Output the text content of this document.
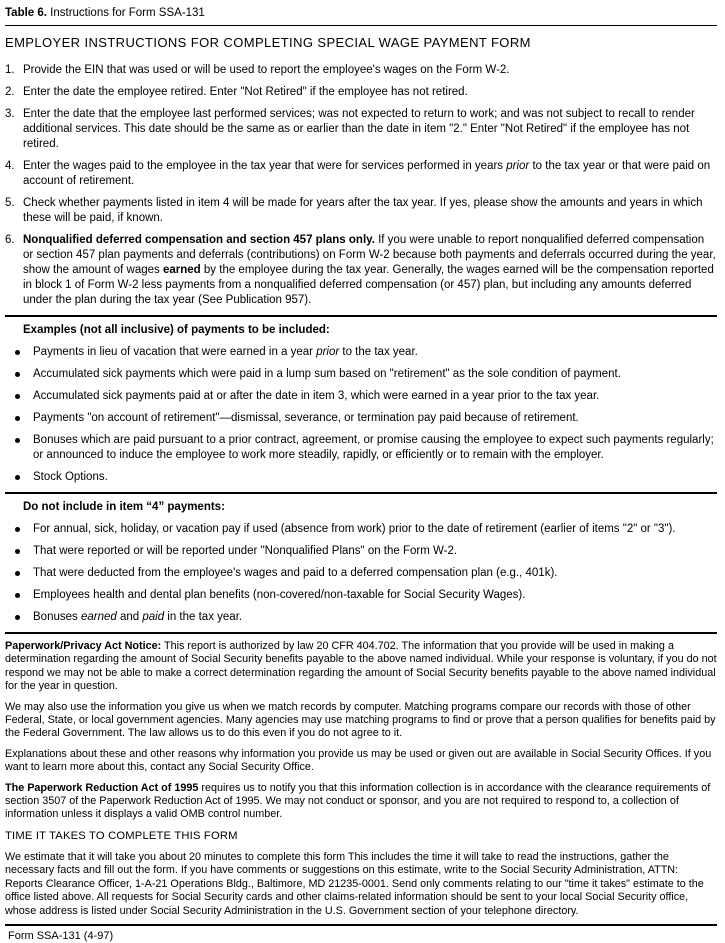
Table 6. Instructions for Form SSA-131
EMPLOYER INSTRUCTIONS FOR COMPLETING SPECIAL WAGE PAYMENT FORM
1. Provide the EIN that was used or will be used to report the employee's wages on the Form W-2.
2. Enter the date the employee retired. Enter "Not Retired" if the employee has not retired.
3. Enter the date that the employee last performed services; was not expected to return to work; and was not subject to recall to render additional services. This date should be the same as or earlier than the date in item "2." Enter "Not Retired" if the employee has not retired.
4. Enter the wages paid to the employee in the tax year that were for services performed in years prior to the tax year or that were paid on account of retirement.
5. Check whether payments listed in item 4 will be made for years after the tax year. If yes, please show the amounts and years in which these will be paid, if known.
6. Nonqualified deferred compensation and section 457 plans only. If you were unable to report nonqualified deferred compensation or section 457 plan payments and deferrals (contributions) on Form W-2 because both payments and deferrals occurred during the year, show the amount of wages earned by the employee during the tax year. Generally, the wages earned will be the compensation reported in block 1 of Form W-2 less payments from a nonqualified deferred compensation (or 457) plan, but including any amounts deferred under the plan during the tax year (See Publication 957).
Examples (not all inclusive) of payments to be included:
Payments in lieu of vacation that were earned in a year prior to the tax year.
Accumulated sick payments which were paid in a lump sum based on "retirement" as the sole condition of payment.
Accumulated sick payments paid at or after the date in item 3, which were earned in a year prior to the tax year.
Payments "on account of retirement"—dismissal, severance, or termination pay paid because of retirement.
Bonuses which are paid pursuant to a prior contract, agreement, or promise causing the employee to expect such payments regularly; or announced to induce the employee to work more steadily, rapidly, or efficiently or to remain with the employer.
Stock Options.
Do not include in item “4” payments:
For annual, sick, holiday, or vacation pay if used (absence from work) prior to the date of retirement (earlier of items "2" or "3").
That were reported or will be reported under "Nonqualified Plans" on the Form W-2.
That were deducted from the employee's wages and paid to a deferred compensation plan (e.g., 401k).
Employees health and dental plan benefits (non-covered/non-taxable for Social Security Wages).
Bonuses earned and paid in the tax year.

Paperwork/Privacy Act Notice: This report is authorized by law 20 CFR 404.702. The information that you provide will be used in making a determination regarding the amount of Social Security benefits payable to the above named individual. While your response is voluntary, if you do not respond we may not be able to make a correct determination regarding the amount of Social Security benefits payable to the above named individual for the year in question.

We may also use the information you give us when we match records by computer. Matching programs compare our records with those of other Federal, State, or local government agencies. Many agencies may use matching programs to find or prove that a person qualifies for benefits paid by the Federal Government. The law allows us to do this even if you do not agree to it.

Explanations about these and other reasons why information you provide us may be used or given out are available in Social Security Offices. If you want to learn more about this, contact any Social Security Office.

The Paperwork Reduction Act of 1995 requires us to notify you that this information collection is in accordance with the clearance requirements of section 3507 of the Paperwork Reduction Act of 1995. We may not conduct or sponsor, and you are not required to respond to, a collection of information unless it displays a valid OMB control number.

TIME IT TAKES TO COMPLETE THIS FORM

We estimate that it will take you about 20 minutes to complete this form This includes the time it will take to read the instructions, gather the necessary facts and fill out the form. If you have comments or suggestions on this estimate, write to the Social Security Administration, ATTN: Reports Clearance Officer, 1-A-21 Operations Bldg., Baltimore, MD 21235-0001. Send only comments relating to our "time it takes" estimate to the office listed above. All requests for Social Security cards and other claims-related information should be sent to your local Social Security office, whose address is listed under Social Security Administration in the U.S. Government section of your telephone directory.

Form SSA-131 (4-97)
